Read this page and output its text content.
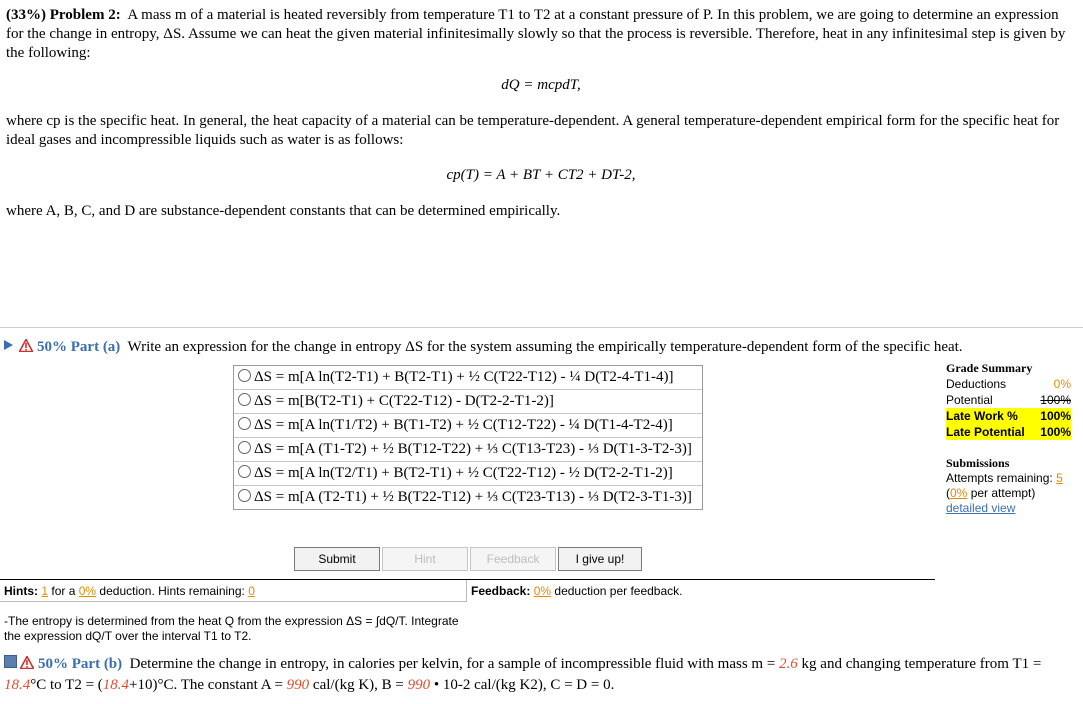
(33%) Problem 2: A mass m of a material is heated reversibly from temperature T1 to T2 at a constant pressure of P. In this problem, we are going to determine an expression for the change in entropy, ΔS. Assume we can heat the given material infinitesimally slowly so that the process is reversible. Therefore, heat in any infinitesimal step is given by the following:
dQ = mcpdT,
where cp is the specific heat. In general, the heat capacity of a material can be temperature-dependent. A general temperature-dependent empirical form for the specific heat for ideal gases and incompressible liquids such as water is as follows:
cp(T) = A + BT + CT2 + DT-2,
where A, B, C, and D are substance-dependent constants that can be determined empirically.
50% Part (a) Write an expression for the change in entropy ΔS for the system assuming the empirically temperature-dependent form of the specific heat.
ΔS = m[A ln(T2-T1) + B(T2-T1) + ½ C(T22-T12) - ¼ D(T2-4-T1-4)]
ΔS = m[B(T2-T1) + C(T22-T12) - D(T2-2-T1-2)]
ΔS = m[A ln(T1/T2) + B(T1-T2) + ½ C(T12-T22) - ¼ D(T1-4-T2-4)]
ΔS = m[A (T1-T2) + ½ B(T12-T22) + ⅓ C(T13-T23) - ⅓ D(T1-3-T2-3)]
ΔS = m[A ln(T2/T1) + B(T2-T1) + ½ C(T22-T12) - ½ D(T2-2-T1-2)]
ΔS = m[A (T2-T1) + ½ B(T22-T12) + ⅓ C(T23-T13) - ⅓ D(T2-3-T1-3)]
Grade Summary
Deductions	0%
Potential	100%
Late Work % 100%
Late Potential 100%
Submissions
Attempts remaining: 5
(0% per attempt)
detailed view
Submit	Hint	Feedback	I give up!
Hints: 1 for a 0% deduction. Hints remaining: 0	Feedback: 0% deduction per feedback.
-The entropy is determined from the heat Q from the expression ΔS = ∫dQ/T. Integrate the expression dQ/T over the interval T1 to T2.
50% Part (b) Determine the change in entropy, in calories per kelvin, for a sample of incompressible fluid with mass m = 2.6 kg and changing temperature from T1 = 18.4°C to T2 = (18.4+10)°C. The constant A = 990 cal/(kg K), B = 990 • 10-2 cal/(kg K2), C = D = 0.
